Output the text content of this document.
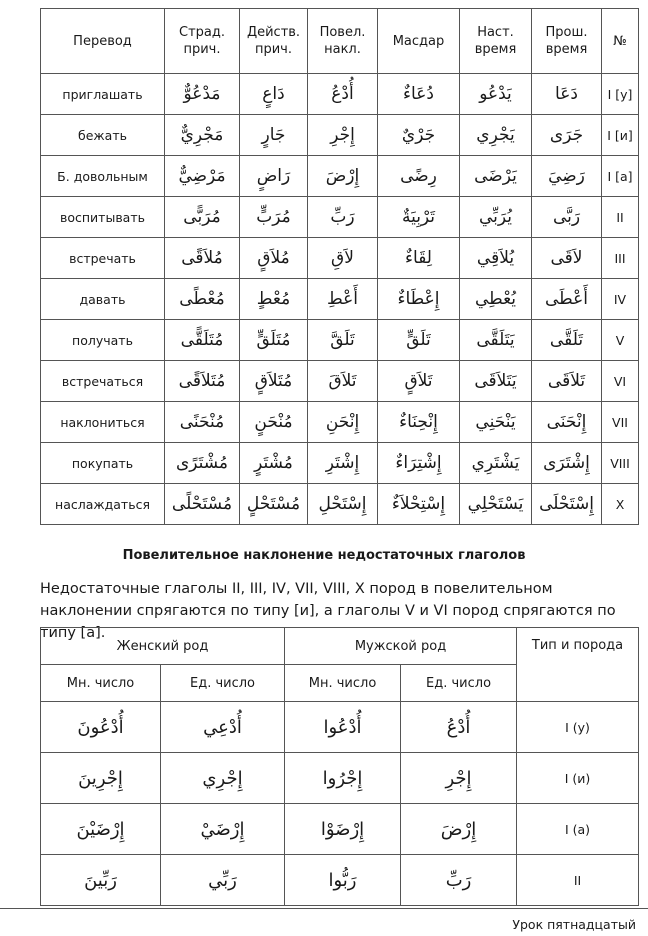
Перевод	Страд. прич.	Действ. прич.	Повел. накл.	Масдар	Наст. время	Прош. время	№
приглашать	مَدْعُوٌّ	دَاعٍ	أُدْعُ	دُعَاءٌ	يَدْعُو	دَعَا	I [у]
бежать	مَجْرِيٌّ	جَارٍ	إِجْرِ	جَرْيٌ	يَجْرِي	جَرَى	I [и]
Б. довольным	مَرْضِيٌّ	رَاضٍ	إِرْضَ	رِضًى	يَرْضَى	رَضِيَ	I [а]
воспитывать	مُرَبًّى	مُرَبٍّ	رَبِّ	تَرْبِيَةٌ	يُرَبِّي	رَبَّى	II
встречать	مُلاَقًى	مُلاَقٍ	لاَقِ	لِقَاءٌ	يُلاَقِي	لاَقَى	III
давать	مُعْطًى	مُعْطٍ	أَعْطِ	إِعْطَاءٌ	يُعْطِي	أَعْطَى	IV
получать	مُتَلَقًّى	مُتَلَقٍّ	تَلَقَّ	تَلَقٍّ	يَتَلَقَّى	تَلَقَّى	V
встречаться	مُتَلاَقًى	مُتَلاَقٍ	تَلاَقَ	تَلاَقٍ	يَتَلاَقَى	تَلاَقَى	VI
наклониться	مُنْحَنًى	مُنْحَنٍ	إِنْحَنِ	إِنْحِنَاءٌ	يَنْحَنِي	إِنْحَنَى	VII
покупать	مُشْتَرًى	مُشْتَرٍ	إِشْتَرِ	إِشْتِرَاءٌ	يَشْتَرِي	إِشْتَرَى	VIII
наслаждаться	مُسْتَحْلًى	مُسْتَحْلٍ	إِسْتَحْلِ	إِسْتِحْلاَءٌ	يَسْتَحْلِي	إِسْتَحْلَى	X
Повелительное наклонение недостаточных глаголов
Недостаточные глаголы II, III, IV, VII, VIII, X пород в повелительном наклонении спрягаются по типу [и], а глаголы V и VI пород спрягаются по типу [а].
Женский род		Мужской род		Тип и порода
Мн. число	Ед. число	Мн. число	Ед. число	
أُدْعُونَ	أُدْعِي	أُدْعُوا	أُدْعُ	I (у)
إِجْرِينَ	إِجْرِي	إِجْرُوا	إِجْرِ	I (и)
إِرْضَيْنَ	إِرْضَيْ	إِرْضَوْا	إِرْضَ	I (а)
رَبِّينَ	رَبِّي	رَبُّوا	رَبِّ	II
Урок пятнадцатый
